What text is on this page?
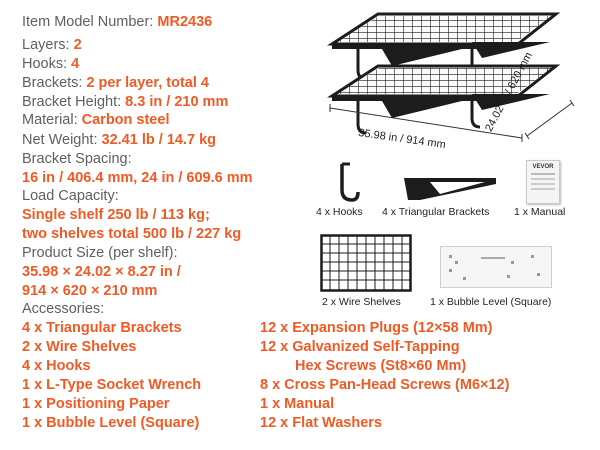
Item Model Number: MR2436
Layers: 2
Hooks: 4
Brackets: 2 per layer, total 4
Bracket Height: 8.3 in / 210 mm
Material: Carbon steel
Net Weight: 32.41 lb / 14.7 kg
Bracket Spacing:
16 in / 406.4 mm, 24 in / 609.6 mm
Load Capacity:
Single shelf 250 lb / 113 kg;
two shelves total 500 lb / 227 kg
Product Size (per shelf):
35.98 × 24.02 × 8.27 in /
914 × 620 × 210 mm
Accessories:
4 x Triangular Brackets
2 x Wire Shelves
4 x Hooks
1 x L-Type Socket Wrench
1 x Positioning Paper
1 x Bubble Level (Square)
12 x Expansion Plugs (12×58 Mm)
12 x Galvanized Self-Tapping
Hex Screws (St8×60 Mm)
8 x Cross Pan-Head Screws (M6×12)
1 x Manual
12 x Flat Washers
35.98 in / 914 mm
24.02 in / 620 mm
4 x Hooks 4 x Triangular Brackets
VEVOR
1 x Manual
2 x Wire Shelves	1 x Bubble Level (Square)
